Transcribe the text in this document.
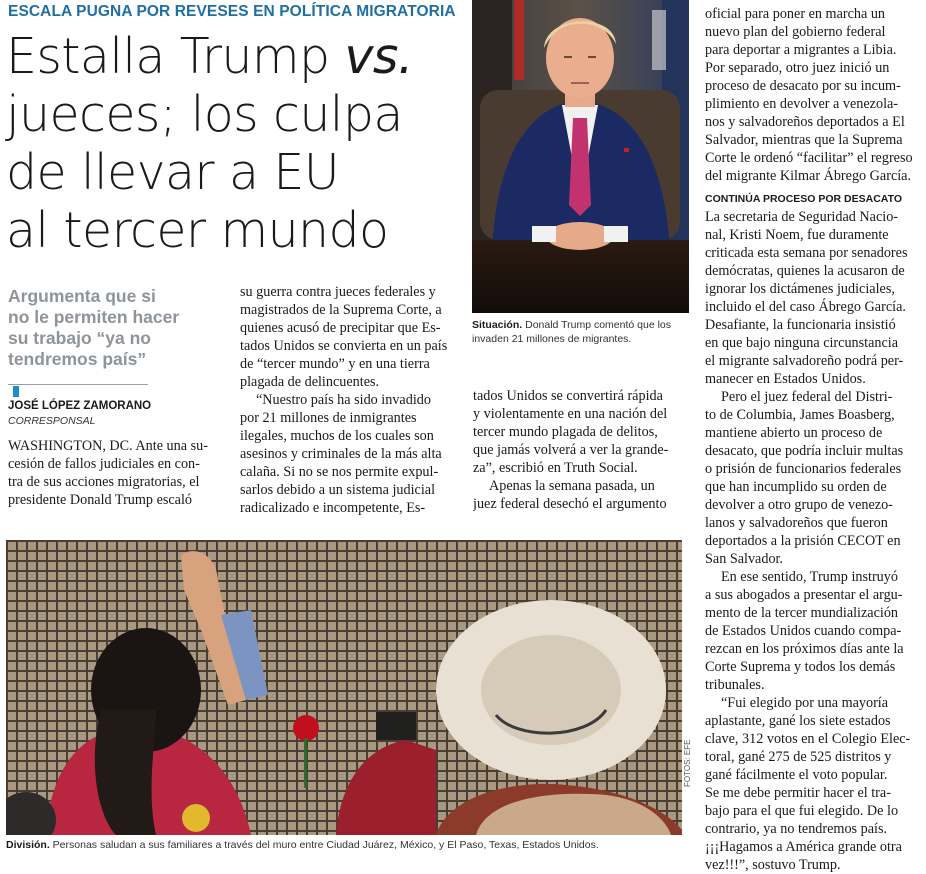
ESCALA PUGNA POR REVESES EN POLÍTICA MIGRATORIA
Estalla Trump vs.
jueces; los culpa
de llevar a EU
al tercer mundo
Argumenta que si
no le permiten hacer
su trabajo “ya no
tendremos país”
JOSÉ LÓPEZ ZAMORANO
CORRESPONSAL
WASHINGTON, DC. Ante una su-
cesión de fallos judiciales en con-
tra de sus acciones migratorias, el
presidente Donald Trump escaló
su guerra contra jueces federales y
magistrados de la Suprema Corte, a
quienes acusó de precipitar que Es-
tados Unidos se convierta en un país
de “tercer mundo” y en una tierra
plagada de delincuentes.
“Nuestro país ha sido invadido
por 21 millones de inmigrantes
ilegales, muchos de los cuales son
asesinos y criminales de la más alta
calaña. Si no se nos permite expul-
sarlos debido a un sistema judicial
radicalizado e incompetente, Es-
tados Unidos se convertirá rápida
y violentamente en una nación del
tercer mundo plagada de delitos,
que jamás volverá a ver la grande-
za”, escribió en Truth Social.
Apenas la semana pasada, un
juez federal desechó el argumento
oficial para poner en marcha un
nuevo plan del gobierno federal
para deportar a migrantes a Libia.
Por separado, otro juez inició un
proceso de desacato por su incum-
plimiento en devolver a venezola-
nos y salvadoreños deportados a El
Salvador, mientras que la Suprema
Corte le ordenó “facilitar” el regreso
del migrante Kilmar Ábrego García.
CONTINÚA PROCESO POR DESACATO
La secretaria de Seguridad Nacio-
nal, Kristi Noem, fue duramente
criticada esta semana por senadores
demócratas, quienes la acusaron de
ignorar los dictámenes judiciales,
incluido el del caso Ábrego García.
Desafiante, la funcionaria insistió
en que bajo ninguna circunstancia
el migrante salvadoreño podrá per-
manecer en Estados Unidos.
Pero el juez federal del Distri-
to de Columbia, James Boasberg,
mantiene abierto un proceso de
desacato, que podría incluir multas
o prisión de funcionarios federales
que han incumplido su orden de
devolver a otro grupo de venezo-
lanos y salvadoreños que fueron
deportados a la prisión CECOT en
San Salvador.
En ese sentido, Trump instruyó
a sus abogados a presentar el argu-
mento de la tercer mundialización
de Estados Unidos cuando compa-
rezcan en los próximos días ante la
Corte Suprema y todos los demás
tribunales.
“Fui elegido por una mayoría
aplastante, gané los siete estados
clave, 312 votos en el Colegio Elec-
toral, gané 275 de 525 distritos y
gané fácilmente el voto popular.
Se me debe permitir hacer el tra-
bajo para el que fui elegido. De lo
contrario, ya no tendremos país.
¡¡¡Hagamos a América grande otra
vez!!!”, sostuvo Trump.
Situación. Donald Trump comentó que los
invaden 21 millones de migrantes.
FOTOS: EFE
División. Personas saludan a sus familiares a través del muro entre Ciudad Juárez, México, y El Paso, Texas, Estados Unidos.
